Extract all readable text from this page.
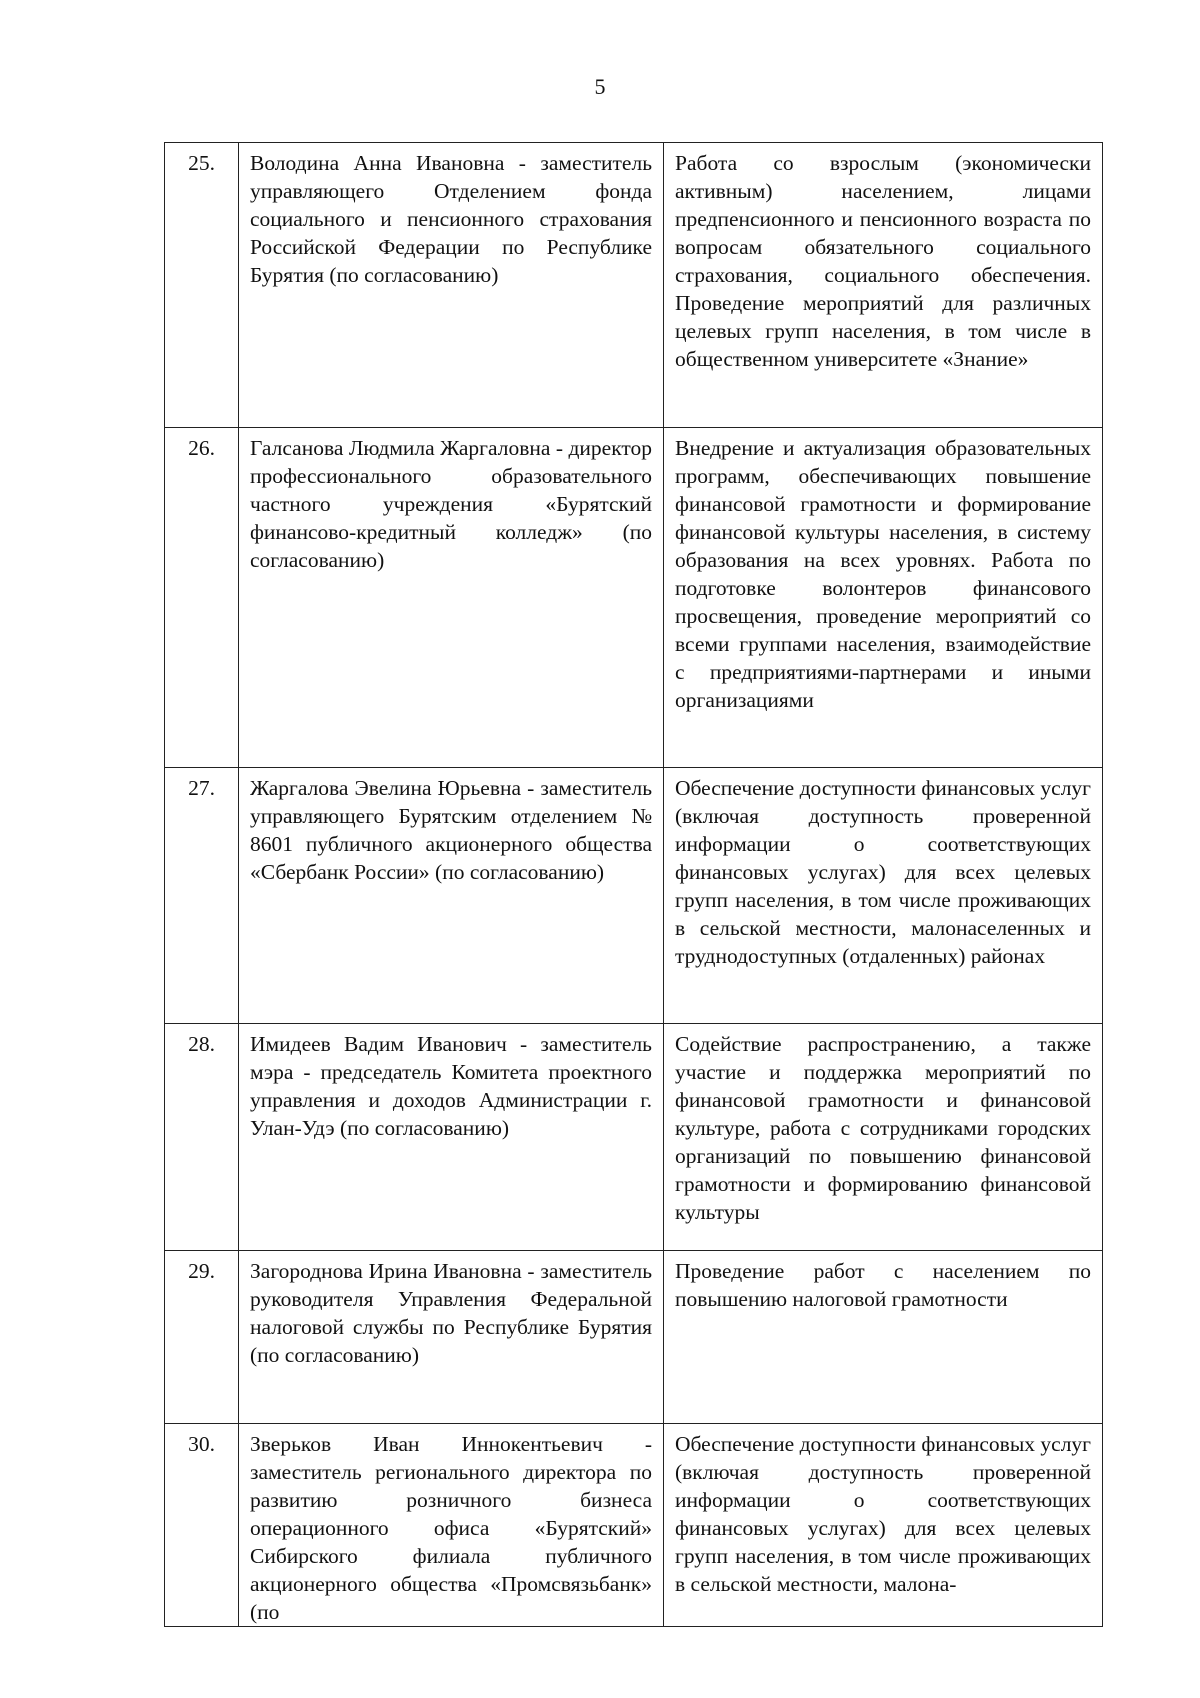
5
25.	Володина Анна Ивановна - заместитель управляющего Отделением фонда социального и пенсионного страхования Российской Федерации по Республике Бурятия (по согласованию)	Работа со взрослым (экономически активным) населением, лицами предпенсионного и пенсионного возраста по вопросам обязательного социального страхования, социального обеспечения. Проведение мероприятий для различных целевых групп населения, в том числе в общественном университете «Знание»

26.	Галсанова Людмила Жаргаловна - директор профессионального образовательного частного учреждения «Бурятский финансово-кредитный колледж» (по согласованию)	Внедрение и актуализация образовательных программ, обеспечивающих повышение финансовой грамотности и формирование финансовой культуры населения, в систему образования на всех уровнях. Работа по подготовке волонтеров финансового просвещения, проведение мероприятий со всеми группами населения, взаимодействие с предприятиями-партнерами и иными организациями

27.	Жаргалова Эвелина Юрьевна - заместитель управляющего Бурятским отделением № 8601 публичного акционерного общества «Сбербанк России» (по согласованию)	Обеспечение доступности финансовых услуг (включая доступность проверенной информации о соответствующих финансовых услугах) для всех целевых групп населения, в том числе проживающих в сельской местности, малонаселенных и труднодоступных (отдаленных) районах

28.	Имидеев Вадим Иванович - заместитель мэра - председатель Комитета проектного управления и доходов Администрации г. Улан-Удэ (по согласованию)	Содействие распространению, а также участие и поддержка мероприятий по финансовой грамотности и финансовой культуре, работа с сотрудниками городских организаций по повышению финансовой грамотности и формированию финансовой культуры

29.	Загороднова Ирина Ивановна - заместитель руководителя Управления Федеральной налоговой службы по Республике Бурятия (по согласованию)	Проведение работ с населением по повышению налоговой грамотности

30.	Зверьков Иван Иннокентьевич - заместитель регионального директора по развитию розничного бизнеса операционного офиса «Бурятский» Сибирского филиала публичного акционерного общества «Промсвязьбанк» (по	Обеспечение доступности финансовых услуг (включая доступность проверенной информации о соответствующих финансовых услугах) для всех целевых групп населения, в том числе проживающих в сельской местности, малона-
